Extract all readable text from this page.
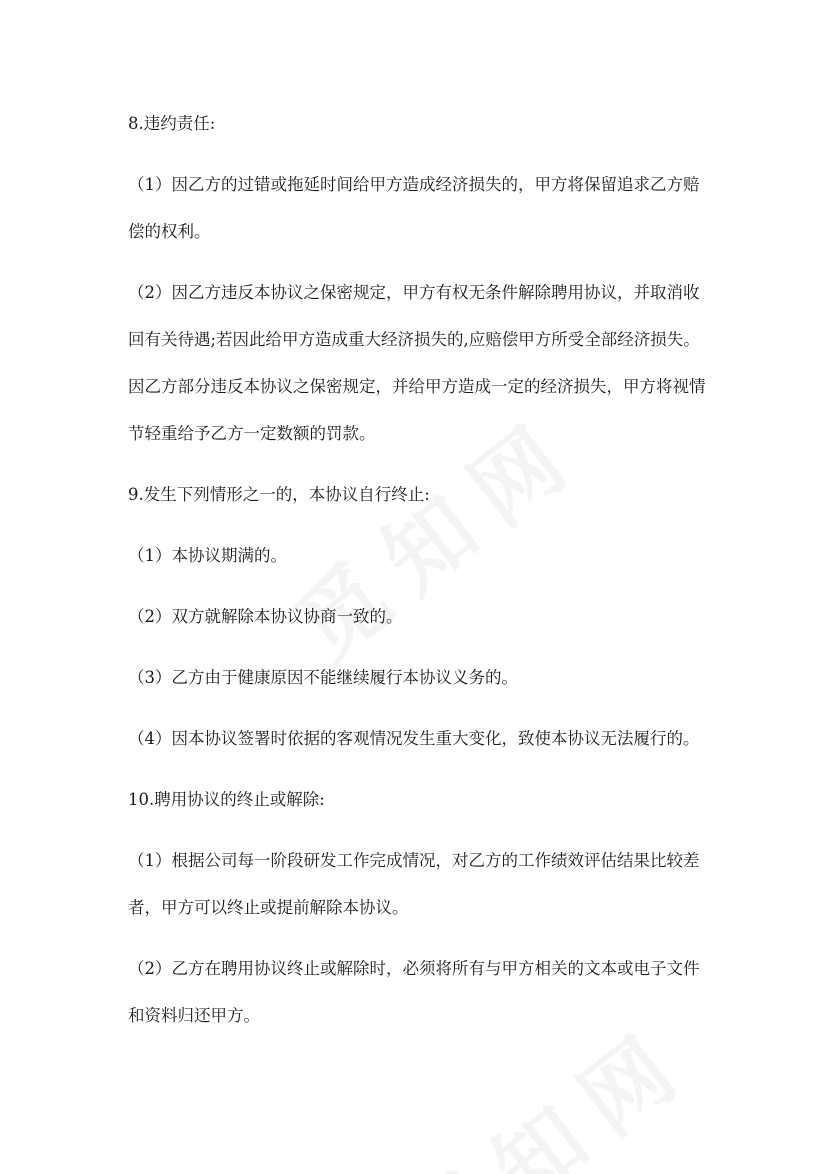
8.违约责任:

（1）因乙方的过错或拖延时间给甲方造成经济损失的，甲方将保留追求乙方赔

偿的权利。

（2）因乙方违反本协议之保密规定，甲方有权无条件解除聘用协议，并取消收

回有关待遇;若因此给甲方造成重大经济损失的,应赔偿甲方所受全部经济损失。

因乙方部分违反本协议之保密规定，并给甲方造成一定的经济损失，甲方将视情

节轻重给予乙方一定数额的罚款。

9.发生下列情形之一的，本协议自行终止:

（1）本协议期满的。

（2）双方就解除本协议协商一致的。

（3）乙方由于健康原因不能继续履行本协议义务的。

（4）因本协议签署时依据的客观情况发生重大变化，致使本协议无法履行的。

10.聘用协议的终止或解除:

（1）根据公司每一阶段研发工作完成情况，对乙方的工作绩效评估结果比较差

者，甲方可以终止或提前解除本协议。

（2）乙方在聘用协议终止或解除时，必须将所有与甲方相关的文本或电子文件

和资料归还甲方。
